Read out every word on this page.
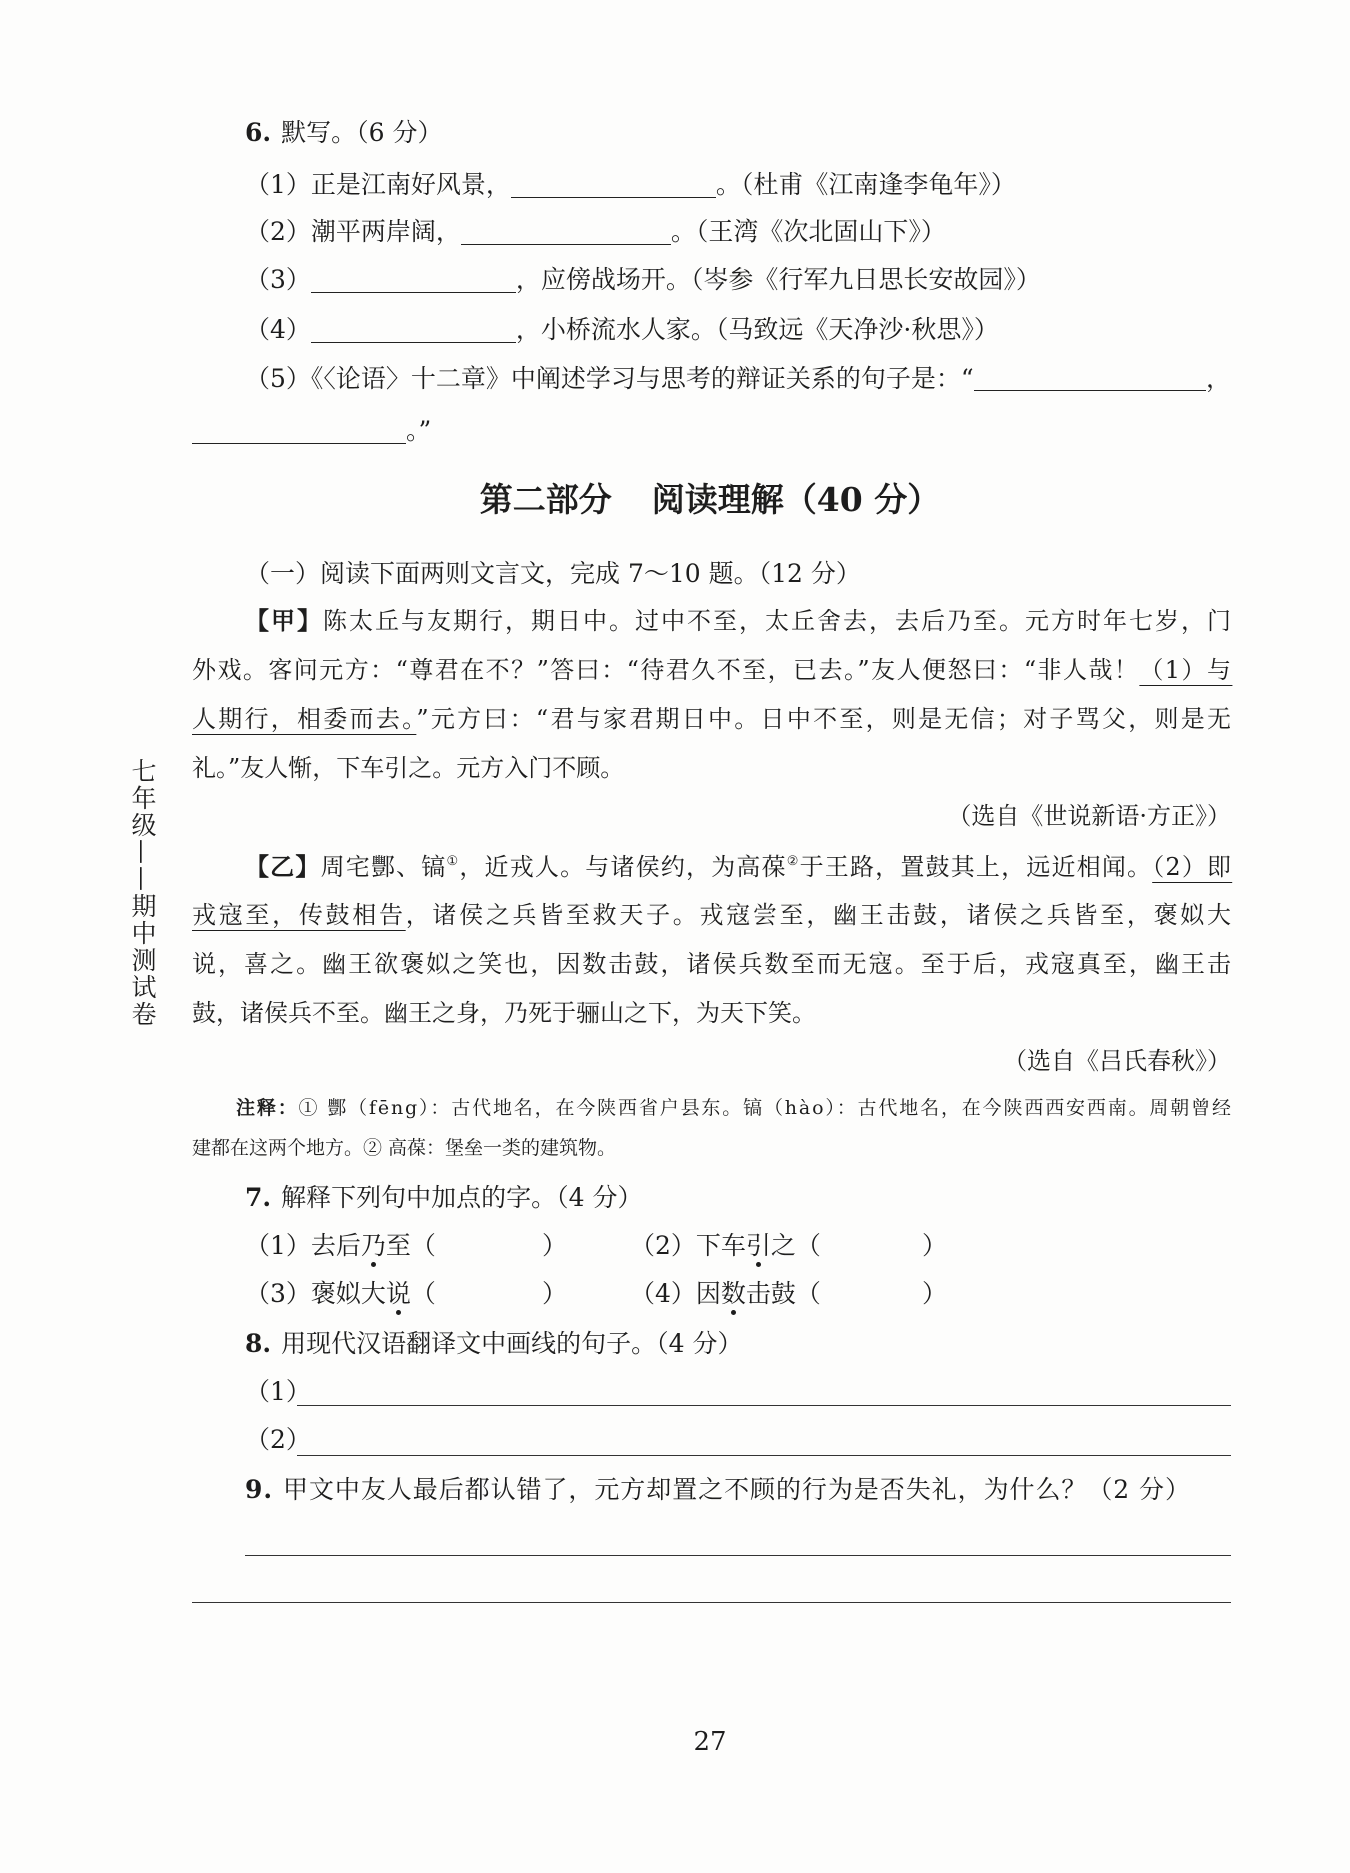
6. 默写。（6 分）
（1）正是江南好风景，	。（杜甫《江南逢李龟年》）
（2）潮平两岸阔，	。（王湾《次北固山下》）
（3）	，应傍战场开。（岑参《行军九日思长安故园》）
（4）	，小桥流水人家。（马致远《天净沙·秋思》）
（5）《〈论语〉十二章》中阐述学习与思考的辩证关系的句子是：“	，
。”
第二部分 阅读理解（40 分）
（一）阅读下面两则文言文，完成 7～10 题。（12 分）
【甲】陈太丘与友期行，期日中。过中不至，太丘舍去，去后乃至。元方时年七岁，门
外戏。客问元方：“尊君在不？”答曰：“待君久不至，已去。”友人便怒曰：“非人哉！（1）与
人期行，相委而去。”元方曰：“君与家君期日中。日中不至，则是无信；对子骂父，则是无
礼。”友人惭，下车引之。元方入门不顾。
（选自《世说新语·方正》）
【乙】周宅酆、镐①，近戎人。与诸侯约，为高葆②于王路，置鼓其上，远近相闻。（2）即
戎寇至，传鼓相告，诸侯之兵皆至救天子。戎寇尝至，幽王击鼓，诸侯之兵皆至，褒姒大
说，喜之。幽王欲褒姒之笑也，因数击鼓，诸侯兵数至而无寇。至于后，戎寇真至，幽王击
鼓，诸侯兵不至。幽王之身，乃死于骊山之下，为天下笑。
（选自《吕氏春秋》）
注释：① 酆（fēng）：古代地名，在今陕西省户县东。镐（hào）：古代地名，在今陕西西安西南。周朝曾经
建都在这两个地方。② 高葆：堡垒一类的建筑物。
7. 解释下列句中加点的字。（4 分）
（1）去后乃至（	）	（2）下车引之（	）
（3）褒姒大说（	）	（4）因数击鼓（	）
8. 用现代汉语翻译文中画线的句子。（4 分）
（1）
（2）
9. 甲文中友人最后都认错了，元方却置之不顾的行为是否失礼，为什么？（2 分）
七年级——期中测试卷
27
